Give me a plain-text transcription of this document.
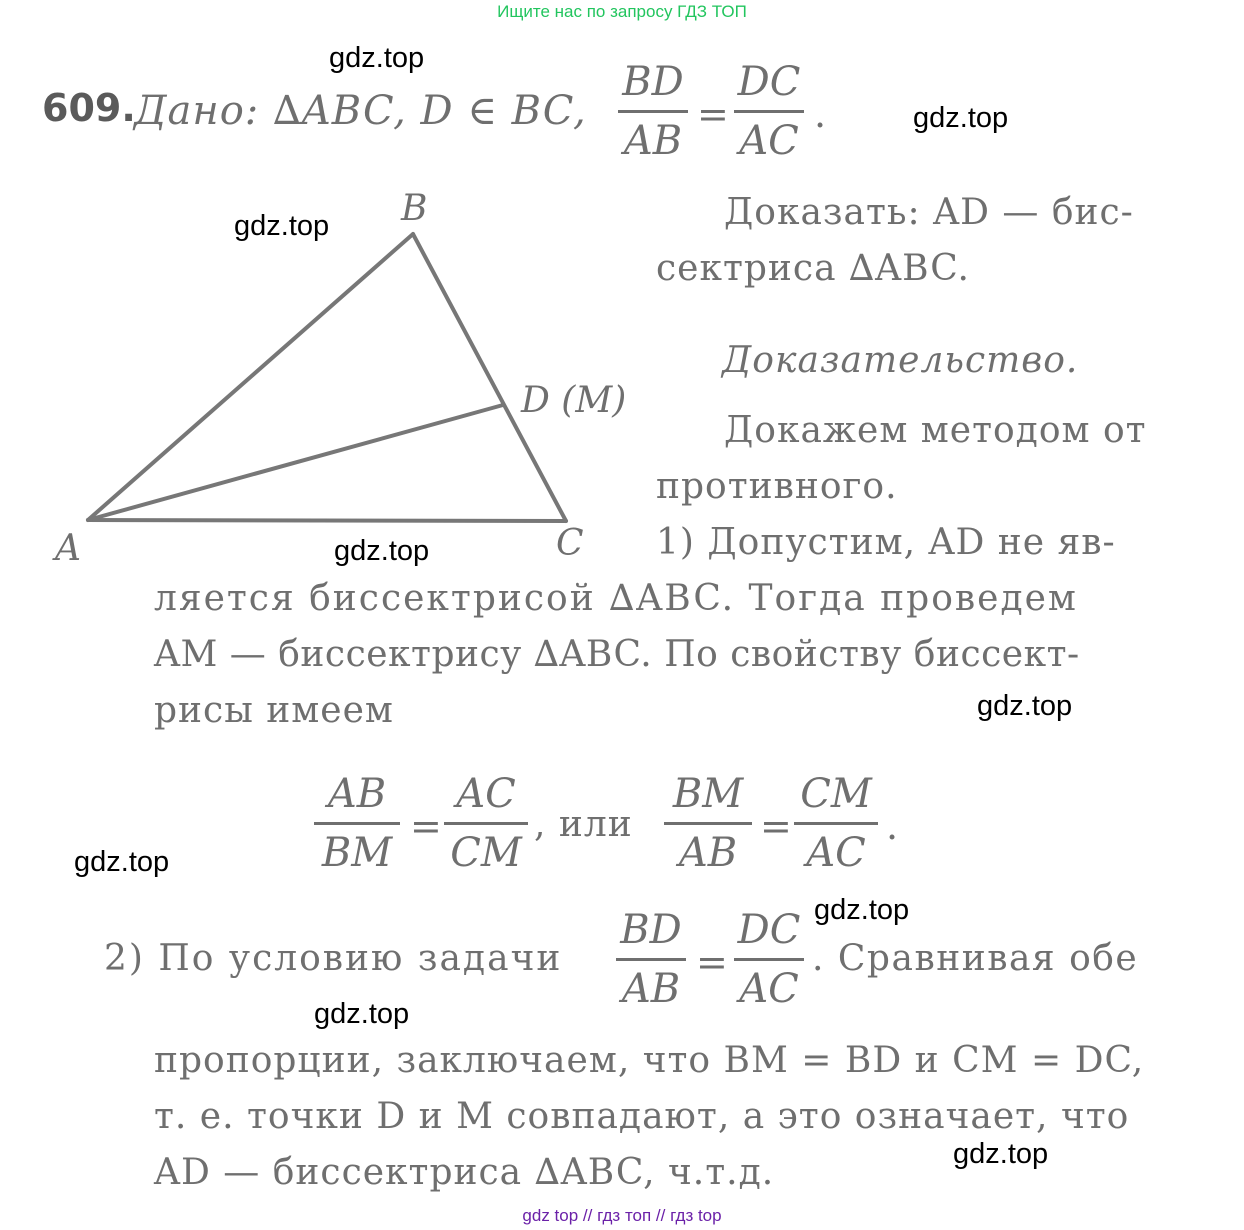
Ищите нас по запросу ГДЗ ТОП
609.
Дано: ∆ABC, D ∈ BC,
BD
AB
=
DC
AC
.
B
A	C
D (M)
Доказать: AD — бис-
сектриса ∆ABC.
Доказательство.
Докажем методом от
противного.
1) Допустим, AD не яв-
ляется биссектрисой ∆ABC. Тогда проведем
AM — биссектрису ∆ABC. По свойству биссект-
рисы имеем
AB
BM
=
AC
CM
, или
BM
AB
=
CM
AC
.
2) По условию задачи
BD
AB
=
DC
AC
. Сравнивая обе
пропорции, заключаем, что BM = BD и CM = DC,
т. е. точки D и M совпадают, а это означает, что
AD — биссектриса ∆ABC, ч.т.д.
gdz.top
gdz.top
gdz.top
gdz.top
gdz.top
gdz.top
gdz.top
gdz.top
gdz.top
gdz top // гдз топ // гдз top
